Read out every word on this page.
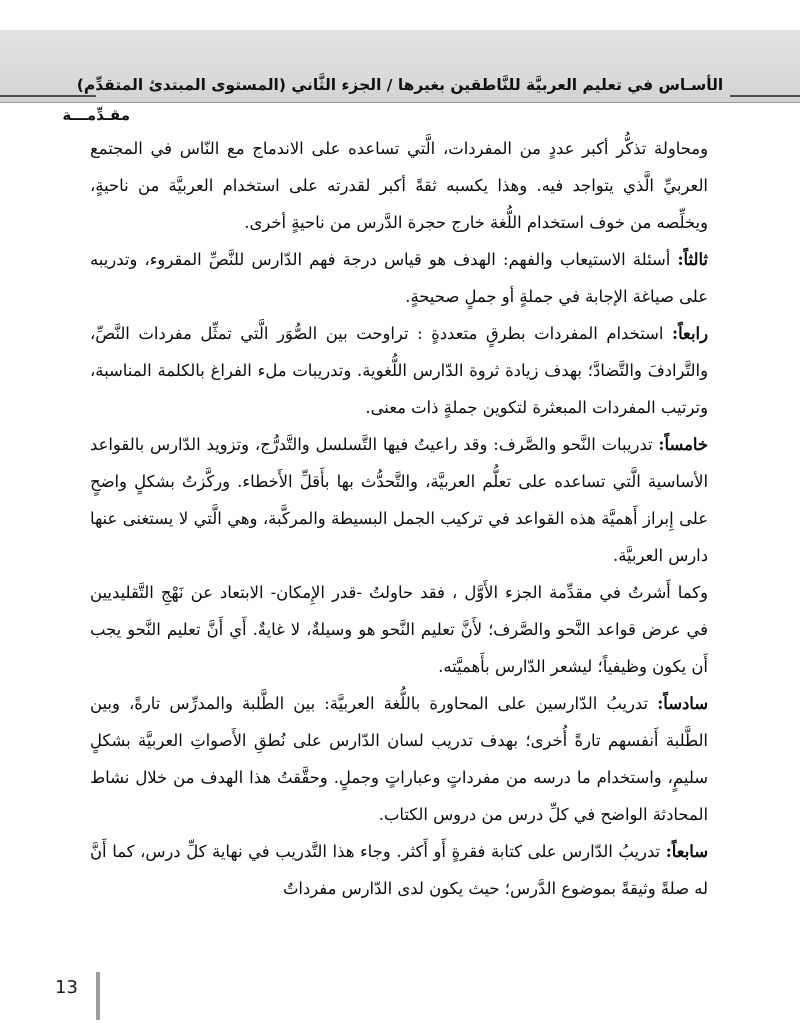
الأسـاس في تعليم العربيَّة للنَّاطقين بغيرها / الجزء الثَّاني (المستوى المبتدئ المتقدِّم)
مقـدِّمـــة

ومحاولة تذكُّر أكبر عددٍ من المفردات، الَّتي تساعده على الاندماج مع النّاس في المجتمع العربيِّ الَّذي يتواجد فيه. وهذا يكسبه ثقةً أكبر لقدرته على استخدام العربيَّة من ناحيةٍ، ويخلِّصه من خوف استخدام اللُّغة خارج حجرة الدَّرس من ناحيةٍ أخرى.

ثالثاً: أسئلة الاستيعاب والفهم: الهدف هو قياس درجة فهم الدّارس للنَّصِّ المقروء، وتدريبه على صياغة الإجابة في جملةٍ أو جملٍ صحيحةٍ.

رابعاً: استخدام المفردات بطرقٍ متعددةٍ : تراوحت بين الصُّوَر الَّتي تمثِّل مفردات النَّصِّ، والتَّرادفَ والتَّضادَّ؛ بهدف زيادة ثروة الدّارس اللُّغوية. وتدريبات ملء الفراغ بالكلمة المناسبة، وترتيب المفردات المبعثرة لتكوين جملةٍ ذات معنى.

خامساً: تدريبات النَّحو والصَّرف: وقد راعيتُ فيها التَّسلسل والتَّدرُّج، وتزويد الدّارس بالقواعد الأساسية الَّتي تساعده على تعلُّم العربيَّة، والتَّحدُّث بها بأَقلِّ الأَخطاء. وركَّزتُ بشكلٍ واضحٍ على إِبراز أَهميَّة هذه القواعد في تركيب الجمل البسيطة والمركَّبة، وهي الَّتي لا يستغنى عنها دارس العربيَّة.

وكما أَشرتُ في مقدِّمة الجزء الأَوَّل ، فقد حاولتُ -قدر الإِمكان- الابتعاد عن نَهْجِ التَّقليديين في عرض قواعد النَّحو والصَّرف؛ لأَنَّ تعليم النَّحو هو وسيلةٌ، لا غايةٌ. أَي أَنَّ تعليم النَّحو يجب أَن يكون وظيفياً؛ ليشعر الدّارس بأَهميَّته.

سادساً: تدريبُ الدّارسين على المحاورة باللُّغة العربيَّة: بين الطَّلبة والمدرِّس تارةً، وبين الطَّلبة أَنفسهم تارةً أُخرى؛ بهدف تدريب لسان الدّارس على نُطقِ الأَصواتِ العربيَّة بشكلٍ سليمٍ، واستخدام ما درسه من مفرداتٍ وعباراتٍ وجملٍ. وحقَّقتُ هذا الهدف من خلال نشاط المحادثة الواضح في كلِّ درس من دروس الكتاب.

سابعاً: تدريبُ الدّارس على كتابة فقرةٍ أَو أَكثر. وجاء هذا التَّدريب في نهاية كلِّ درس، كما أَنَّ له صلةً وثيقةً بموضوع الدَّرس؛ حيث يكون لدى الدّارس مفرداتٌ

13
